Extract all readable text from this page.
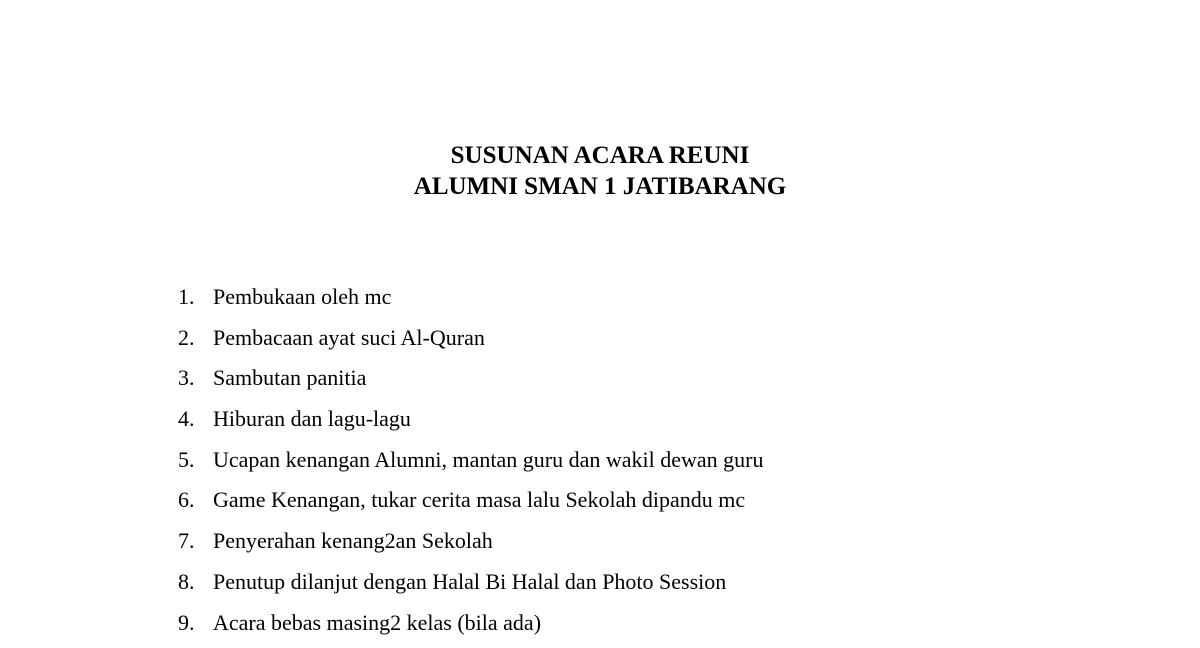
SUSUNAN ACARA REUNI
ALUMNI SMAN 1 JATIBARANG
1. Pembukaan oleh mc
2. Pembacaan ayat suci Al-Quran
3. Sambutan panitia
4. Hiburan dan lagu-lagu
5. Ucapan kenangan Alumni, mantan guru dan wakil dewan guru
6. Game Kenangan, tukar cerita masa lalu Sekolah dipandu mc
7. Penyerahan kenang2an Sekolah
8. Penutup dilanjut dengan Halal Bi Halal dan Photo Session
9. Acara bebas masing2 kelas (bila ada)
